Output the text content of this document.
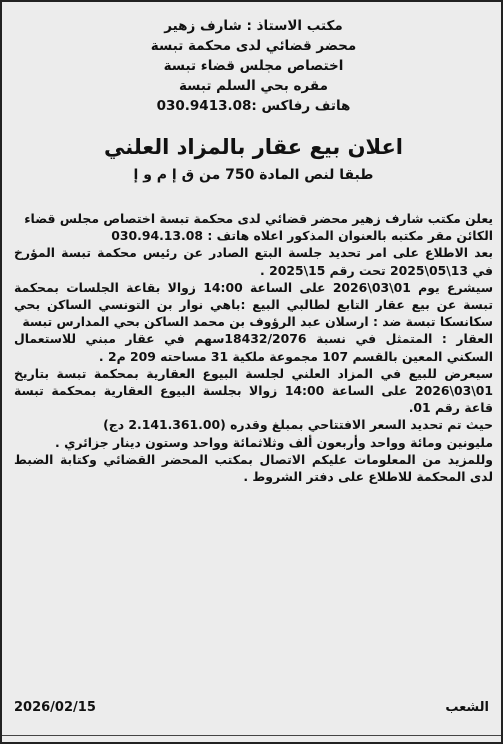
مكتب الاستاذ : شارف زهير

محضر قضائي لدى محكمة تبسة

اختصاص مجلس قضاء تبسة

مقره بحي السلم تبسة

هاتف رفاكس :030.9413.08

اعلان بيع عقار بالمزاد العلني
طبقا لنص المادة 750 من ق إ م و إ

يعلن مكتب شارف زهير محضر قضائي لدى محكمة تبسة اختصاص مجلس قضاء

الكائن مقر مكتبه بالعنوان المذكور اعلاه هاتف : 030.94.13.08

بعد الاطلاع على امر تحديد جلسة البتع الصادر عن رئيس محكمة تبسة المؤرخ في 13\05\2025 تحت رقم 15\2025 .

سيشرع يوم 01\03\2026 على الساعة 14:00 زوالا بقاعة الجلسات بمحكمة تبسة عن بيع عقار التابع لطالبي البيع :باهي نوار بن التونسي الساكن بحي سكانسكا تبسة ضد : ارسلان عبد الرؤوف بن محمد الساكن بحي المدارس تبسة

العقار : المتمثل في نسبة 18432/2076سهم في عقار مبني للاستعمال السكني المعين بالقسم 107 مجموعة ملكية 31 مساحته 209 م2 .

سيعرض للبيع في المزاد العلني لجلسة البيوع العقارية بمحكمة تبسة بتاريخ 01\03\2026 على الساعة 14:00 زوالا بجلسة البيوع العقارية بمحكمة تبسة قاعة رقم 01.

حيث تم تحديد السعر الافتتاحي بمبلغ وقدره (2.141.361.00 دج)

مليونين ومائة وواحد وأربعون ألف وثلاثمائة وواحد وستون دينار جزائري .

وللمزيد من المعلومات عليكم الاتصال بمكتب المحضر القضائي وكتابة الضبط لدى المحكمة للاطلاع على دفتر الشروط .

الشعب
2026/02/15
